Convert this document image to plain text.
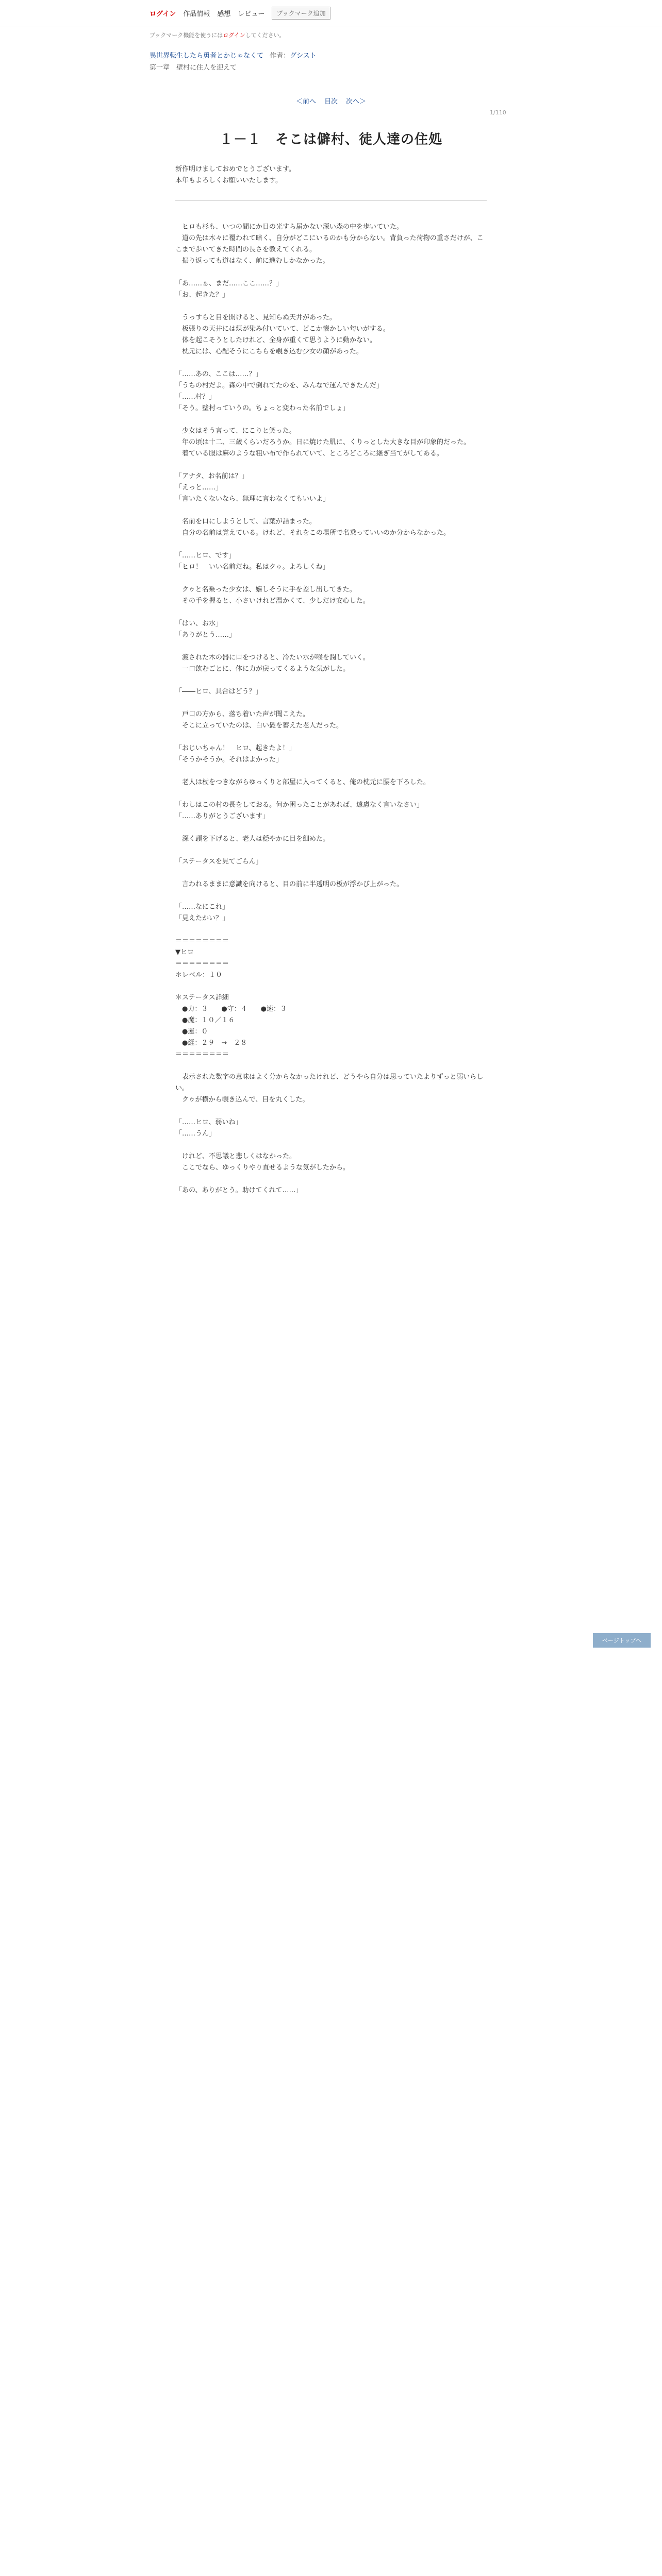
ログイン 作品情報 感想 レビュー	ブックマーク追加
ブックマーク機能を使うにはログインしてください。
異世界転生したら勇者とかじゃなくて 作者：グシスト
第一章　壁村に住人を迎えて
＜前へ 目次 次へ＞
1/110
１－１　そこは僻村、徒人達の住処

新作明けましておめでとうございます。

本年もよろしくお願いいたします。

　ヒロも杉も、いつの間にか日の光すら届かない深い森の中を歩いていた。

　道の先は木々に覆われて暗く、自分がどこにいるのかも分からない。背負った荷物の重さだけが、ここまで歩いてきた時間の長さを教えてくれる。

　振り返っても道はなく、前に進むしかなかった。

「あ……ぁ、まだ……ここ……？」

「お、起きた？」

　うっすらと目を開けると、見知らぬ天井があった。

　板張りの天井には煤が染み付いていて、どこか懐かしい匂いがする。

　体を起こそうとしたけれど、全身が重くて思うように動かない。

　枕元には、心配そうにこちらを覗き込む少女の顔があった。

「……あの、ここは……？」

「うちの村だよ。森の中で倒れてたのを、みんなで運んできたんだ」

「……村？」

「そう。壁村っていうの。ちょっと変わった名前でしょ」

　少女はそう言って、にこりと笑った。

　年の頃は十二、三歳くらいだろうか。日に焼けた肌に、くりっとした大きな目が印象的だった。

　着ている服は麻のような粗い布で作られていて、ところどころに継ぎ当てがしてある。

「アナタ、お名前は？」

「えっと……」

「言いたくないなら、無理に言わなくてもいいよ」

　名前を口にしようとして、言葉が詰まった。

　自分の名前は覚えている。けれど、それをこの場所で名乗っていいのか分からなかった。

「……ヒロ、です」

「ヒロ！　いい名前だね。私はクゥ。よろしくね」

　クゥと名乗った少女は、嬉しそうに手を差し出してきた。

　その手を握ると、小さいけれど温かくて、少しだけ安心した。

「はい、お水」

「ありがとう……」

　渡された木の器に口をつけると、冷たい水が喉を潤していく。

　一口飲むごとに、体に力が戻ってくるような気がした。

「――ヒロ、具合はどう？」

　戸口の方から、落ち着いた声が聞こえた。

　そこに立っていたのは、白い髭を蓄えた老人だった。

「おじいちゃん！　ヒロ、起きたよ！」

「そうかそうか。それはよかった」

　老人は杖をつきながらゆっくりと部屋に入ってくると、俺の枕元に腰を下ろした。

「わしはこの村の長をしておる。何か困ったことがあれば、遠慮なく言いなさい」

「……ありがとうございます」

　深く頭を下げると、老人は穏やかに目を細めた。

「ステータスを見てごらん」

　言われるままに意識を向けると、目の前に半透明の板が浮かび上がった。

「……なにこれ」

「見えたかい？」

＝＝＝＝＝＝＝＝

▼ヒロ

＝＝＝＝＝＝＝＝

＊レベル：１０

＊ステータス詳細

　●力：３　　●守：４　　●速：３

　●魔：１０／１６

　●運：０

　●経：２９　→　２８

＝＝＝＝＝＝＝＝

　表示された数字の意味はよく分からなかったけれど、どうやら自分は思っていたよりずっと弱いらしい。

　クゥが横から覗き込んで、目を丸くした。

「……ヒロ、弱いね」

「……うん」

　けれど、不思議と悲しくはなかった。

　ここでなら、ゆっくりやり直せるような気がしたから。

「あの、ありがとう。助けてくれて……」

ページトップへ
